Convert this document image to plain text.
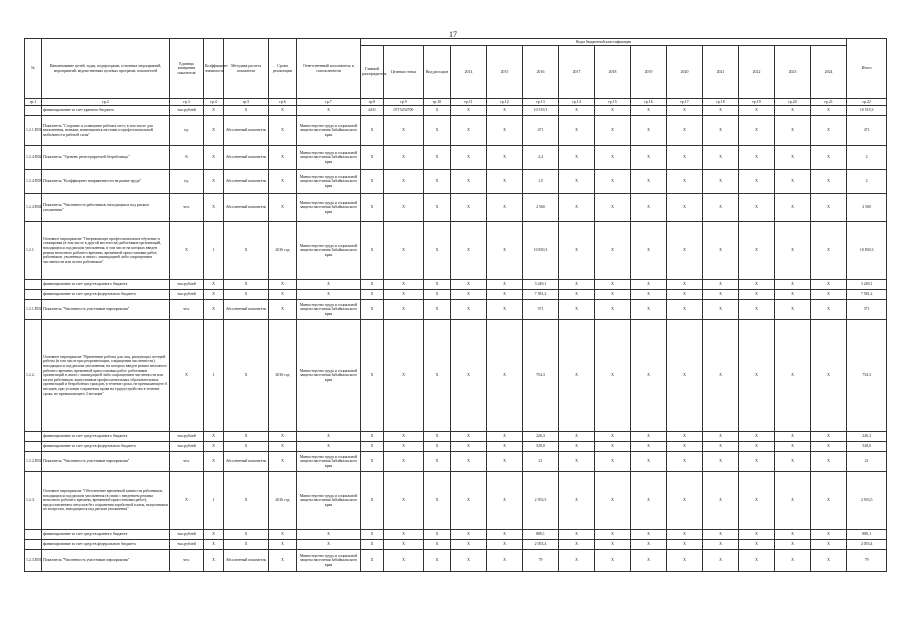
17
№	Наименование целей, задач, подпрограмм, основных мероприятий, мероприятий, ведомственных целевых программ, показателей	Единица измерения показателя	Коэффициент значимости	Методика расчета показателя	Сроки реализации	Ответственный исполнитель и соисполнители	Коды бюджетной классификации														Итого
							Главный распорядитель	Целевая статья	Вид расходов	2014	2015	2016	2017	2018	2019	2020	2021	2022	2023	2024	
гр.1	гр.2	гр.3	гр.4	гр.5	гр.6	гр.7	гр.8	гр.9	гр.10	гр.11	гр.12	гр.13	гр.14	гр.15	гр.16	гр.17	гр.18	гр.19	гр.20	гр.21	гр.22
	финансирование за счет краевого бюджета	тыс.рублей	Х	Х	Х	Х	4431	07Г5254700	Х	Х	Х	10 519,3	Х	Х	Х	Х	Х	Х	Х	Х	10 519,3
1.2.1.П01	Показатель "Создание и оснащение рабочих мест, в том числе для выполнения, новыми, имеющимися местами и профессиональной мобильности рабочей силы"	ед.	Х	Абсолютный показатель	Х	Министерство труда и социальной защиты населения Забайкальского края	Х	Х	Х	Х	Х	471	Х	Х	Х	Х	Х	Х	Х	Х	471
1.2.4.П02	Показатель "Уровень регистрируемой безработицы"	%	Х	Абсолютный показатель	Х	Министерство труда и социальной защиты населения Забайкальского края	Х	Х	Х	Х	Х	2,4	Х	Х	Х	Х	Х	Х	Х	Х	2
1.2.4.П03	Показатель "Коэффициент напряженности на рынке труда"	ед.	Х	Абсолютный показатель	Х	Министерство труда и социальной защиты населения Забайкальского края	Х	Х	Х	Х	Х	1,5	Х	Х	Х	Х	Х	Х	Х	Х	2
1.2.4.П04	Показатель "Численность работников, находящихся под риском увольнения"	чел.	Х	Абсолютный показатель	Х	Министерство труда и социальной защиты населения Забайкальского края	Х	Х	Х	Х	Х	2 560	Х	Х	Х	Х	Х	Х	Х	Х	2 560
1.2.1.	Основное мероприятие "Опережающее профессиональное обучение и стажировка (в том числе в другой местности) работников организаций, находящихся под риском увольнения, в том числе на которых введен режим неполного рабочего времени, временной приостановки работ, работников, уволенных в связи с ликвидацией либо сокращением численности или штата работников"	Х	1	Х	2016 год	Министерство труда и социальной защиты населения Забайкальского края	Х	Х	Х	Х	Х	10 830,3	Х	Х	Х	Х	Х	Х	Х	Х	10 830,3
	финансирование за счет средств краевого бюджета	тыс.рублей	Х	Х	Х	Х	Х	Х	Х	Х	Х	3 249,1	Х	Х	Х	Х	Х	Х	Х	Х	3 249,1
	финансирование за счет средств федерального бюджета	тыс.рублей	Х	Х	Х	Х	Х	Х	Х	Х	Х	7 581,2	Х	Х	Х	Х	Х	Х	Х	Х	7 581,2
1.2.1.П01	Показатель "Численность участников мероприятия"	чел.	Х	Абсолютный показатель	Х	Министерство труда и социальной защиты населения Забайкальского края	Х	Х	Х	Х	Х	371	Х	Х	Х	Х	Х	Х	Х	Х	371
1.2.2.	Основное мероприятие "Временные работы для лиц, рискующих потерей работы (в том числе при реорганизации, сокращении численности), находящихся под риском увольнения, на которых введен режим неполного рабочего времени, временной приостановки работ, работников организаций в связи с ликвидацией либо сокращением численности или штата работников, выпускников профессиональных образовательных организаций и безработных граждан, в течение срока, не превышающего 6 месяцев, при условии сохранения права на трудоустройство в течение срока, не превышающего 2 месяцев"	Х	1	Х	2016 год	Министерство труда и социальной защиты населения Забайкальского края	Х	Х	Х	Х	Х	754,3	Х	Х	Х	Х	Х	Х	Х	Х	754,3
	финансирование за счет средств краевого бюджета	тыс.рублей	Х	Х	Х	Х	Х	Х	Х	Х	Х	226,3	Х	Х	Х	Х	Х	Х	Х	Х	226,3
	финансирование за счет средств федерального бюджета	тыс.рублей	Х	Х	Х	Х	Х	Х	Х	Х	Х	528,0	Х	Х	Х	Х	Х	Х	Х	Х	528,0
1.2.2.П01	Показатель "Численность участников мероприятия"	чел.	Х	Абсолютный показатель	Х	Министерство труда и социальной защиты населения Забайкальского края	Х	Х	Х	Х	Х	21	Х	Х	Х	Х	Х	Х	Х	Х	21
1.2.3.	Основное мероприятие "Обеспечение временной занятости работников, находящихся под риском увольнения (в связи с введением режима неполного рабочего времени, временной приостановки работ), предоставлением отпусков без сохранения заработной платы, выпускников по вопросам, находящихся под риском увольнения"	Х	1	Х	2016 год	Министерство труда и социальной защиты населения Забайкальского края	Х	Х	Х	Х	Х	2 933,5	Х	Х	Х	Х	Х	Х	Х	Х	2 933,5
	финансирование за счет средств краевого бюджета	тыс.рублей	Х	Х	Х	Х	Х	Х	Х	Х	Х	880,1	Х	Х	Х	Х	Х	Х	Х	Х	880,1
	финансирование за счет средств федерального бюджета	тыс.рублей	Х	Х	Х	Х	Х	Х	Х	Х	Х	2 053,4	Х	Х	Х	Х	Х	Х	Х	Х	2 053,4
1.2.3.П01	Показатель "Численность участников мероприятия"	чел.	Х	Абсолютный показатель	Х	Министерство труда и социальной защиты населения Забайкальского края	Х	Х	Х	Х	Х	79	Х	Х	Х	Х	Х	Х	Х	Х	79
